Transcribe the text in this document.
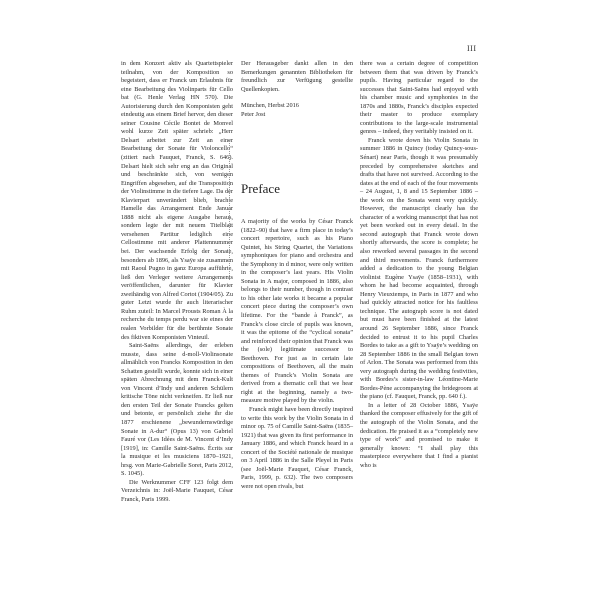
III

in dem Konzert aktiv als Quartettspieler teilnahm, von der Komposition so begeistert, dass er Franck um Erlaubnis für eine Bearbeitung des Violinparts für Cello bat (G. Henle Verlag HN 570). Die Autorisierung durch den Komponisten geht eindeutig aus einem Brief hervor, den dieser seiner Cousine Cécile Bontet de Monvel wohl kurze Zeit später schrieb: „Herr Delsart arbeitet zur Zeit an einer Bearbeitung der Sonate für Violoncello“ (zitiert nach Fauquet, Franck, S. 646). Delsart hielt sich sehr eng an das Original und beschränkte sich, von wenigen Eingriffen abgesehen, auf die Transposition der Violinstimme in die tiefere Lage. Da der Klavierpart unverändert blieb, brachte Hamelle das Arrangement Ende Januar 1888 nicht als eigene Ausgabe heraus, sondern legte der mit neuem Titelblatt versehenen Partitur lediglich eine Cellostimme mit anderer Plattennummer bei. Der wachsende Erfolg der Sonate, besonders ab 1896, als Ysaÿe sie zusammen mit Raoul Pugno in ganz Europa aufführte, ließ den Verleger weitere Arrangements veröffentlichen, darunter für Klavier zweihändig von Alfred Cortot (1904/05). Zu guter Letzt wurde ihr auch literarischer Ruhm zuteil: In Marcel Prousts Roman À la recherche du temps perdu war sie eines der realen Vorbilder für die berühmte Sonate des fiktiven Komponisten Vinteuil.

Saint-Saëns allerdings, der erleben musste, dass seine d-moll-Violinsonate allmählich von Francks Komposition in den Schatten gestellt wurde, konnte sich in einer späten Abrechnung mit dem Franck-Kult von Vincent d’Indy und anderen Schülern kritische Töne nicht verkneifen. Er ließ nur den ersten Teil der Sonate Francks gelten und betonte, er persönlich ziehe ihr die 1877 erschienene „bewundernswürdige Sonate in A-dur“ (Opus 13) von Gabriel Fauré vor (Les Idées de M. Vincent d’Indy [1919], in: Camille Saint-Saëns. Écrits sur la musique et les musiciens 1870–1921, hrsg. von Marie-Gabrielle Soret, Paris 2012, S. 1045).

Die Werknummer CFF 123 folgt dem Verzeichnis in: Joël-Marie Fauquet, César Franck, Paris 1999.

Der Herausgeber dankt allen in den Bemerkungen genannten Bibliotheken für freundlich zur Verfügung gestellte Quellenkopien.

München, Herbst 2016

Peter Jost

Preface

A majority of the works by César Franck (1822–90) that have a firm place in today’s concert repertoire, such as his Piano Quintet, his String Quartet, the Variations symphoniques for piano and orchestra and the Symphony in d minor, were only written in the composer’s last years. His Violin Sonata in A major, composed in 1886, also belongs to their number, though in contrast to his other late works it became a popular concert piece during the composer’s own lifetime. For the “bande à Franck”, as Franck’s close circle of pupils was known, it was the epitome of the “cyclical sonata” and reinforced their opinion that Franck was the (sole) legitimate successor to Beethoven. For just as in certain late compositions of Beethoven, all the main themes of Franck’s Violin Sonata are derived from a thematic cell that we hear right at the beginning, namely a two-measure motive played by the violin.

Franck might have been directly inspired to write this work by the Violin Sonata in d minor op. 75 of Camille Saint-Saëns (1835–1921) that was given its first performance in January 1886, and which Franck heard in a concert of the Société nationale de musique on 3 April 1886 in the Salle Pleyel in Paris (see Joël-Marie Fauquet, César Franck, Paris, 1999, p. 632). The two composers were not open rivals, but

there was a certain degree of competition between them that was driven by Franck’s pupils. Having particular regard to the successes that Saint-Saëns had enjoyed with his chamber music and symphonies in the 1870s and 1880s, Franck’s disciples expected their master to produce exemplary contributions to the large-scale instrumental genres – indeed, they veritably insisted on it.

Franck wrote down his Violin Sonata in summer 1886 in Quincy (today Quincy-sous-Sénart) near Paris, though it was presumably preceded by comprehensive sketches and drafts that have not survived. According to the dates at the end of each of the four movements – 24 August, 1, 8 and 15 September 1886 – the work on the Sonata went very quickly. However, the manuscript clearly has the character of a working manuscript that has not yet been worked out in every detail. In the second autograph that Franck wrote down shortly afterwards, the score is complete; he also reworked several passages in the second and third movements. Franck furthermore added a dedication to the young Belgian violinist Eugène Ysaÿe (1858–1931), with whom he had become acquainted, through Henry Vieuxtemps, in Paris in 1877 and who had quickly attracted notice for his faultless technique. The autograph score is not dated but must have been finished at the latest around 26 September 1886, since Franck decided to entrust it to his pupil Charles Bordes to take as a gift to Ysaÿe’s wedding on 28 September 1886 in the small Belgian town of Arlon. The Sonata was performed from this very autograph during the wedding festivities, with Bordes’s sister-in-law Léontine-Marie Bordes-Pène accompanying the bridegroom at the piano (cf. Fauquet, Franck, pp. 640 f.).

In a letter of 28 October 1886, Ysaÿe thanked the composer effusively for the gift of the autograph of the Violin Sonata, and the dedication. He praised it as a “completely new type of work” and promised to make it generally known: “I shall play this masterpiece everywhere that I find a pianist who is
